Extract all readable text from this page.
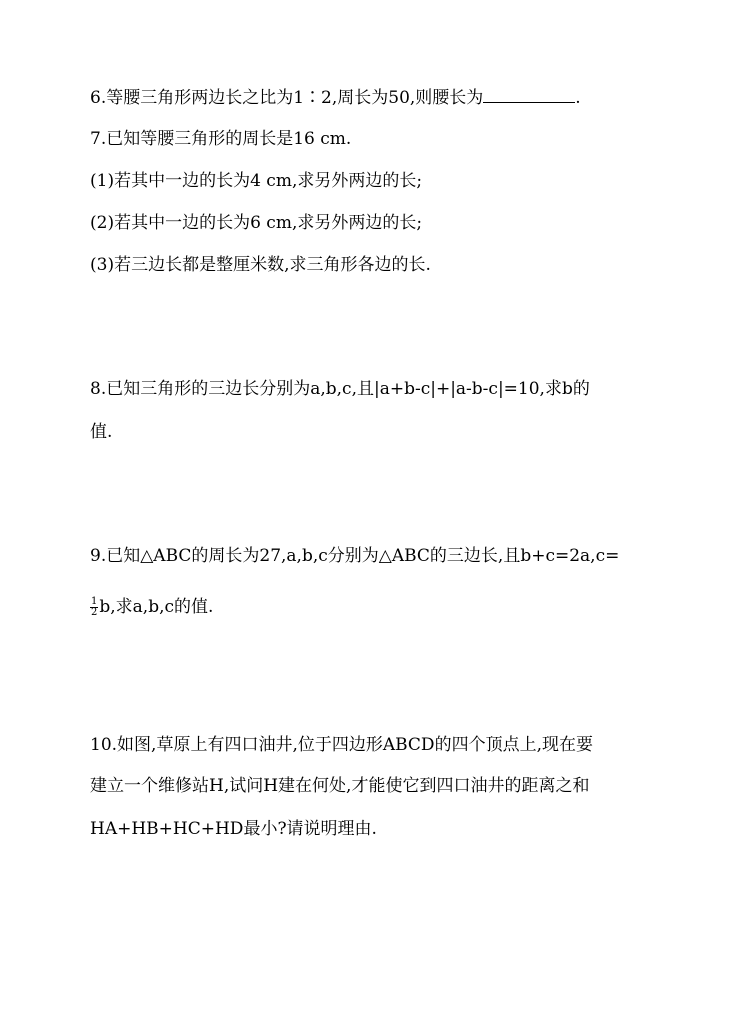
6.等腰三角形两边长之比为1∶2,周长为50,则腰长为	.
7.已知等腰三角形的周长是16 cm.
(1)若其中一边的长为4 cm,求另外两边的长;
(2)若其中一边的长为6 cm,求另外两边的长;
(3)若三边长都是整厘米数,求三角形各边的长.
8.已知三角形的三边长分别为a,b,c,且|a+b-c|+|a-b-c|=10,求b的
值.
9.已知△ABC的周长为27,a,b,c分别为△ABC的三边长,且b+c=2a,c=
$\frac{1}{2} b$,求a,b,c的值.
10.如图,草原上有四口油井,位于四边形ABCD的四个顶点上,现在要
建立一个维修站H,试问H建在何处,才能使它到四口油井的距离之和
HA+HB+HC+HD最小?请说明理由.
